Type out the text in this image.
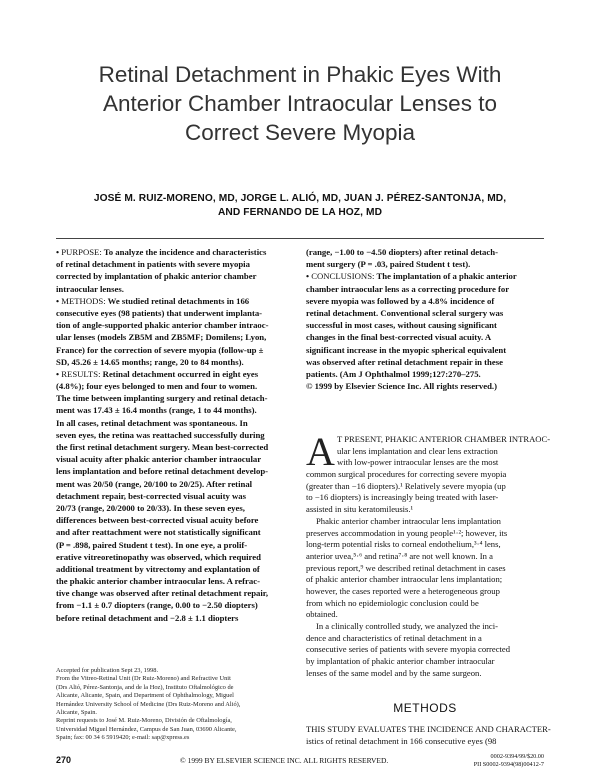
Retinal Detachment in Phakic Eyes With
Anterior Chamber Intraocular Lenses to
Correct Severe Myopia
JOSÉ M. RUIZ-MORENO, MD, JORGE L. ALIÓ, MD, JUAN J. PÉREZ-SANTONJA, MD,
AND FERNANDO DE LA HOZ, MD
• PURPOSE: To analyze the incidence and characteristics
of retinal detachment in patients with severe myopia
corrected by implantation of phakic anterior chamber
intraocular lenses.
• METHODS: We studied retinal detachments in 166
consecutive eyes (98 patients) that underwent implanta-
tion of angle-supported phakic anterior chamber intraoc-
ular lenses (models ZB5M and ZB5MF; Domilens; Lyon,
France) for the correction of severe myopia (follow-up ±
SD, 45.26 ± 14.65 months; range, 20 to 84 months).
• RESULTS: Retinal detachment occurred in eight eyes
(4.8%); four eyes belonged to men and four to women.
The time between implanting surgery and retinal detach-
ment was 17.43 ± 16.4 months (range, 1 to 44 months).
In all cases, retinal detachment was spontaneous. In
seven eyes, the retina was reattached successfully during
the first retinal detachment surgery. Mean best-corrected
visual acuity after phakic anterior chamber intraocular
lens implantation and before retinal detachment develop-
ment was 20/50 (range, 20/100 to 20/25). After retinal
detachment repair, best-corrected visual acuity was
20/73 (range, 20/2000 to 20/33). In these seven eyes,
differences between best-corrected visual acuity before
and after reattachment were not statistically significant
(P = .898, paired Student t test). In one eye, a prolif-
erative vitreoretinopathy was observed, which required
additional treatment by vitrectomy and explantation of
the phakic anterior chamber intraocular lens. A refrac-
tive change was observed after retinal detachment repair,
from −1.1 ± 0.7 diopters (range, 0.00 to −2.50 diopters)
before retinal detachment and −2.8 ± 1.1 diopters
(range, −1.00 to −4.50 diopters) after retinal detach-
ment surgery (P = .03, paired Student t test).
• CONCLUSIONS: The implantation of a phakic anterior
chamber intraocular lens as a correcting procedure for
severe myopia was followed by a 4.8% incidence of
retinal detachment. Conventional scleral surgery was
successful in most cases, without causing significant
changes in the final best-corrected visual acuity. A
significant increase in the myopic spherical equivalent
was observed after retinal detachment repair in these
patients. (Am J Ophthalmol 1999;127:270–275.
© 1999 by Elsevier Science Inc. All rights reserved.)
A T PRESENT, PHAKIC ANTERIOR CHAMBER INTRAOC-
ular lens implantation and clear lens extraction
with low-power intraocular lenses are the most
common surgical procedures for correcting severe myopia
(greater than −16 diopters).¹ Relatively severe myopia (up
to −16 diopters) is increasingly being treated with laser-
assisted in situ keratomileusis.¹
Phakic anterior chamber intraocular lens implantation
preserves accommodation in young people¹·²; however, its
long-term potential risks to corneal endothelium,³·⁴ lens,
anterior uvea,⁵·⁶ and retina⁷·⁸ are not well known. In a
previous report,⁹ we described retinal detachment in cases
of phakic anterior chamber intraocular lens implantation;
however, the cases reported were a heterogeneous group
from which no epidemiologic conclusion could be
obtained.
In a clinically controlled study, we analyzed the inci-
dence and characteristics of retinal detachment in a
consecutive series of patients with severe myopia corrected
by implantation of phakic anterior chamber intraocular
lenses of the same model and by the same surgeon.
Accepted for publication Sept 23, 1998.
From the Vitreo-Retinal Unit (Dr Ruiz-Moreno) and Refractive Unit
(Drs Alió, Pérez-Santonja, and de la Hoz), Instituto Oftalmológico de
Alicante, Alicante, Spain, and Department of Ophthalmology, Miguel
Hernández University School of Medicine (Drs Ruiz-Moreno and Alió),
Alicante, Spain.
Reprint requests to José M. Ruiz-Moreno, División de Oftalmología,
Universidad Miguel Hernández, Campus de San Juan, 03690 Alicante,
Spain; fax: 00 34 6 5919420; e-mail: sap@xpress.es
METHODS
THIS STUDY EVALUATES THE INCIDENCE AND CHARACTER-
istics of retinal detachment in 166 consecutive eyes (98
270	© 1999 BY ELSEVIER SCIENCE INC. ALL RIGHTS RESERVED.	0002-9394/99/$20.00
PII S0002-9394(98)00412-7
